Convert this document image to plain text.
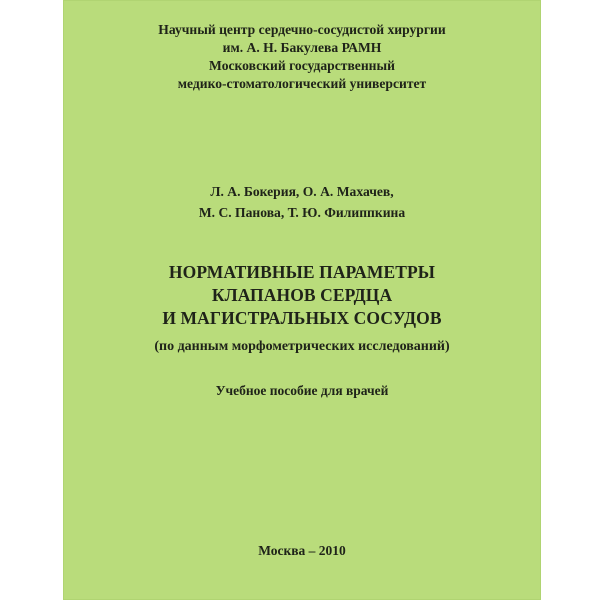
Научный центр сердечно-сосудистой хирургии
им. А. Н. Бакулева РАМН
Московский государственный
медико-стоматологический университет
Л. А. Бокерия, О. А. Махачев,
М. С. Панова, Т. Ю. Филиппкина
НОРМАТИВНЫЕ ПАРАМЕТРЫ
КЛАПАНОВ СЕРДЦА
И МАГИСТРАЛЬНЫХ СОСУДОВ
(по данным морфометрических исследований)
Учебное пособие для врачей
Москва – 2010
